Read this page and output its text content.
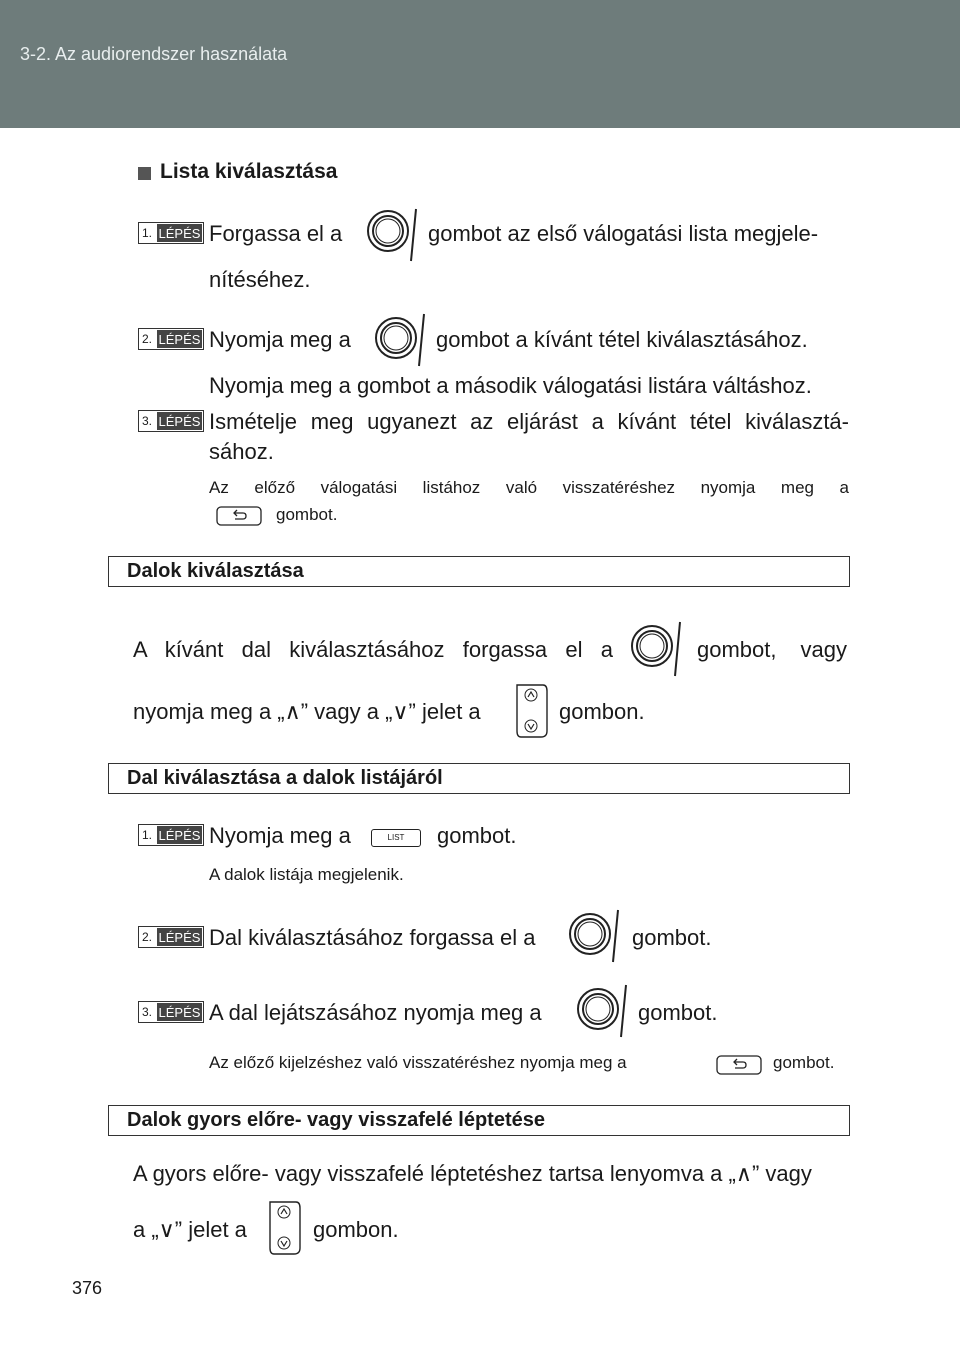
3-2. Az audiorendszer használata
Lista kiválasztása
1. LÉPÉS Forgassa el a	gombot az első válogatási lista megjele-
nítéséhez.
2. LÉPÉS Nyomja meg a	gombot a kívánt tétel kiválasztásához.
Nyomja meg a gombot a második válogatási listára váltáshoz.
3. LÉPÉS Ismételje meg ugyanezt az eljárást a kívánt tétel kiválasztá-
sához.
Az előző válogatási listához való visszatéréshez nyomja meg a
gombot.
Dalok kiválasztása
A kívánt dal kiválasztásához forgassa el a	gombot, vagy
nyomja meg a „∧” vagy a „∨” jelet a	gombon.
Dal kiválasztása a dalok listájáról
1. LÉPÉS Nyomja meg a	LIST	gombot.
A dalok listája megjelenik.
2. LÉPÉS Dal kiválasztásához forgassa el a	gombot.
3. LÉPÉS A dal lejátszásához nyomja meg a	gombot.
Az előző kijelzéshez való visszatéréshez nyomja meg a	gombot.
Dalok gyors előre- vagy visszafelé léptetése
A gyors előre- vagy visszafelé léptetéshez tartsa lenyomva a „∧” vagy
a „∨” jelet a	gombon.
376
